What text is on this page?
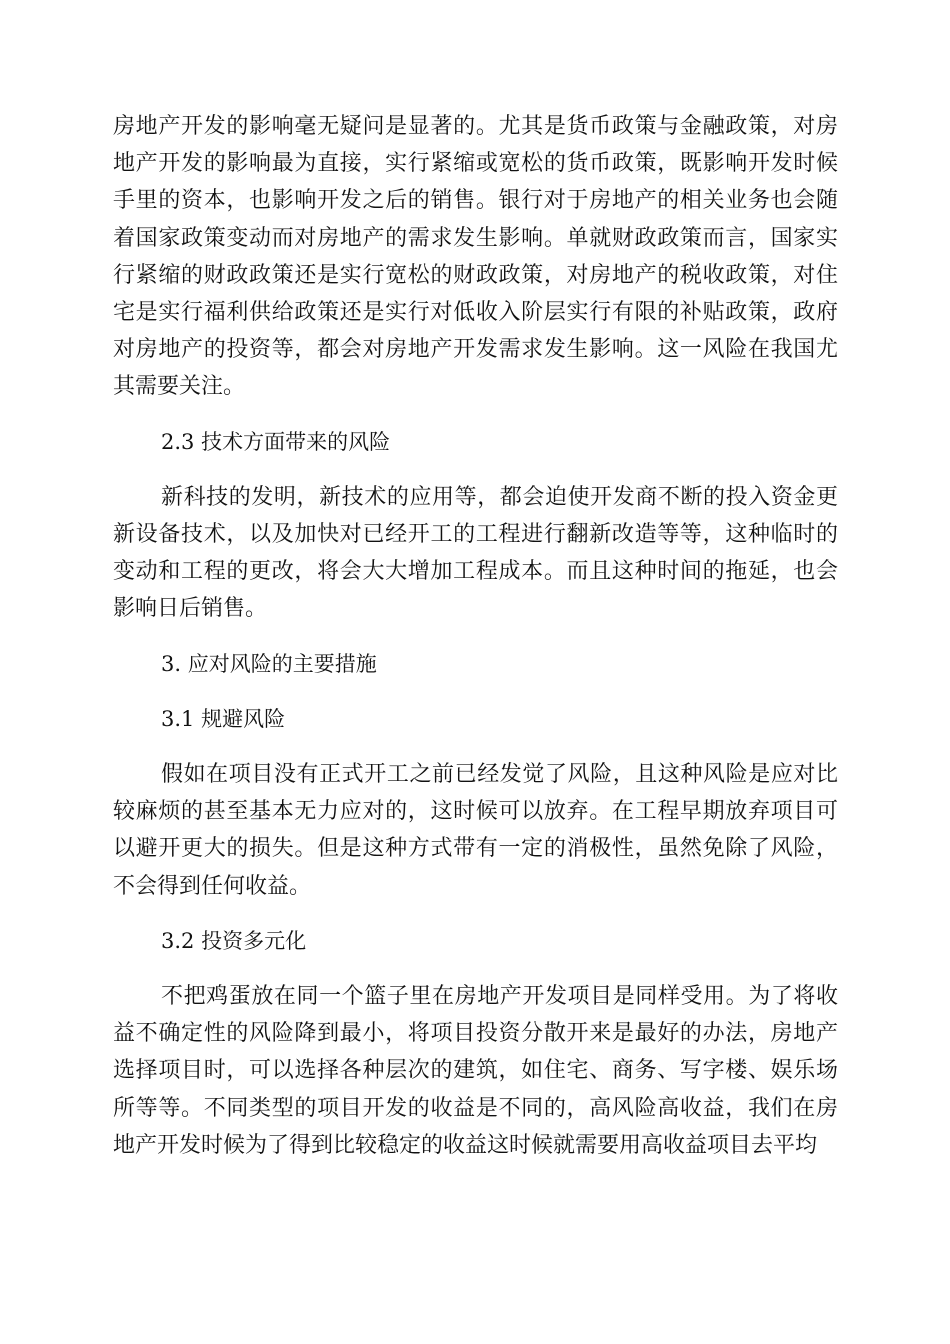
房地产开发的影响毫无疑问是显著的。尤其是货币政策与金融政策，对房地产开发的影响最为直接，实行紧缩或宽松的货币政策，既影响开发时候手里的资本，也影响开发之后的销售。银行对于房地产的相关业务也会随着国家政策变动而对房地产的需求发生影响。单就财政政策而言，国家实行紧缩的财政政策还是实行宽松的财政政策，对房地产的税收政策，对住宅是实行福利供给政策还是实行对低收入阶层实行有限的补贴政策，政府对房地产的投资等，都会对房地产开发需求发生影响。这一风险在我国尤其需要关注。

2.3 技术方面带来的风险

新科技的发明，新技术的应用等，都会迫使开发商不断的投入资金更新设备技术，以及加快对已经开工的工程进行翻新改造等等，这种临时的变动和工程的更改，将会大大增加工程成本。而且这种时间的拖延，也会影响日后销售。

3. 应对风险的主要措施

3.1 规避风险

假如在项目没有正式开工之前已经发觉了风险，且这种风险是应对比较麻烦的甚至基本无力应对的，这时候可以放弃。在工程早期放弃项目可以避开更大的损失。但是这种方式带有一定的消极性，虽然免除了风险，不会得到任何收益。

3.2 投资多元化

不把鸡蛋放在同一个篮子里在房地产开发项目是同样受用。为了将收益不确定性的风险降到最小，将项目投资分散开来是最好的办法，房地产选择项目时，可以选择各种层次的建筑，如住宅、商务、写字楼、娱乐场所等等。不同类型的项目开发的收益是不同的，高风险高收益，我们在房地产开发时候为了得到比较稳定的收益这时候就需要用高收益项目去平均
